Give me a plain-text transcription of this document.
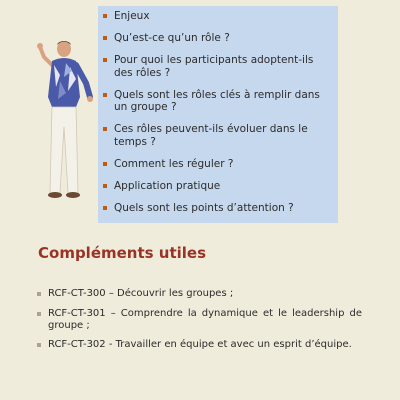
Enjeux
Qu’est-ce qu’un rôle ?
Pour quoi les participants adoptent-ils des rôles ?
Quels sont les rôles clés à remplir dans un groupe ?
Ces rôles peuvent-ils évoluer dans le temps ?
Comment les réguler ?
Application pratique
Quels sont les points d’attention ?
Compléments utiles
RCF-CT-300 – Découvrir les groupes ;
RCF-CT-301 – Comprendre la dynamique et le leadership de groupe ;
RCF-CT-302 - Travailler en équipe et avec un esprit d’équipe.
